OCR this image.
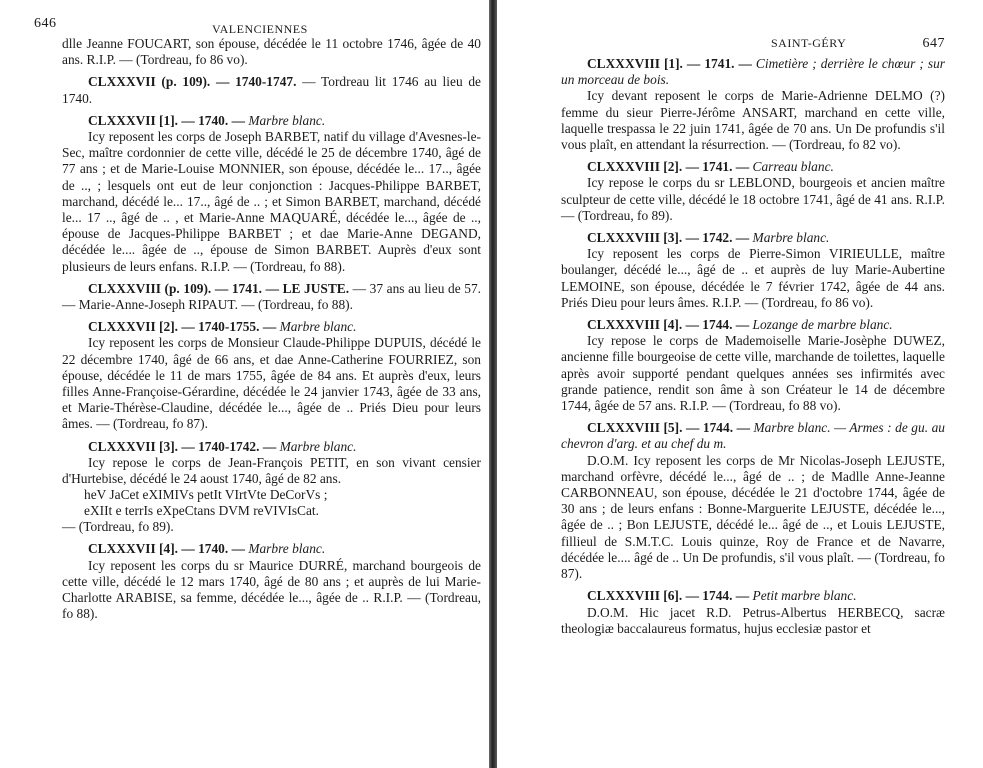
646	VALENCIENNES

dlle Jeanne FOUCART, son épouse, décédée le 11 octobre 1746, âgée de 40 ans. R.I.P. — (Tordreau, fo 86 vo).

CLXXXVII (p. 109). — 1740-1747. — Tordreau lit 1746 au lieu de 1740.

CLXXXVII [1]. — 1740. — Marbre blanc.

Icy reposent les corps de Joseph BARBET, natif du village d'Avesnes-le-Sec, maître cordonnier de cette ville, décédé le 25 de décembre 1740, âgé de 77 ans ; et de Marie-Louise MONNIER, son épouse, décédée le... 17.., âgée de .., ; lesquels ont eut de leur conjonction : Jacques-Philippe BARBET, marchand, décédé le... 17.., âgé de .. ; et Simon BARBET, marchand, décédé le... 17 .., âgé de .. , et Marie-Anne MAQUARÉ, décédée le..., âgée de .., épouse de Jacques-Philippe BARBET ; et dae Marie-Anne DEGAND, décédée le.... âgée de .., épouse de Simon BARBET. Auprès d'eux sont plusieurs de leurs enfans. R.I.P. — (Tordreau, fo 88).

CLXXXVIII (p. 109). — 1741. — LE JUSTE. — 37 ans au lieu de 57. — Marie-Anne-Joseph RIPAUT. — (Tordreau, fo 88).

CLXXXVII [2]. — 1740-1755. — Marbre blanc.

Icy reposent les corps de Monsieur Claude-Philippe DUPUIS, décédé le 22 décembre 1740, âgé de 66 ans, et dae Anne-Catherine FOURRIEZ, son épouse, décédée le 11 de mars 1755, âgée de 84 ans. Et auprès d'eux, leurs filles Anne-Françoise-Gérardine, décédée le 24 janvier 1743, âgée de 33 ans, et Marie-Thérèse-Claudine, décédée le..., âgée de .. Priés Dieu pour leurs âmes. — (Tordreau, fo 87).

CLXXXVII [3]. — 1740-1742. — Marbre blanc.

Icy repose le corps de Jean-François PETIT, en son vivant censier d'Hurtebise, décédé le 24 aoust 1740, âgé de 82 ans.

heV JaCet eXIMIVs petIt VIrtVte DeCorVs ;
eXIIt e terrIs eXpeCtans DVM reVIVIsCat.

— (Tordreau, fo 89).

CLXXXVII [4]. — 1740. — Marbre blanc.

Icy reposent les corps du sr Maurice DURRÉ, marchand bourgeois de cette ville, décédé le 12 mars 1740, âgé de 80 ans ; et auprès de lui Marie-Charlotte ARABISE, sa femme, décédée le..., âgée de .. R.I.P. — (Tordreau, fo 88).

SAINT-GÉRY	647

CLXXXVIII [1]. — 1741. — Cimetière ; derrière le chœur ; sur un morceau de bois.

Icy devant reposent le corps de Marie-Adrienne DELMO (?) femme du sieur Pierre-Jérôme ANSART, marchand en cette ville, laquelle trespassa le 22 juin 1741, âgée de 70 ans. Un De profundis s'il vous plaît, en attendant la résurrection. — (Tordreau, fo 82 vo).

CLXXXVIII [2]. — 1741. — Carreau blanc.

Icy repose le corps du sr LEBLOND, bourgeois et ancien maître sculpteur de cette ville, décédé le 18 octobre 1741, âgé de 41 ans. R.I.P. — (Tordreau, fo 89).

CLXXXVIII [3]. — 1742. — Marbre blanc.

Icy reposent les corps de Pierre-Simon VIRIEULLE, maître boulanger, décédé le..., âgé de .. et auprès de luy Marie-Aubertine LEMOINE, son épouse, décédée le 7 février 1742, âgée de 44 ans. Priés Dieu pour leurs âmes. R.I.P. — (Tordreau, fo 86 vo).

CLXXXVIII [4]. — 1744. — Lozange de marbre blanc.

Icy repose le corps de Mademoiselle Marie-Josèphe DUWEZ, ancienne fille bourgeoise de cette ville, marchande de toilettes, laquelle après avoir supporté pendant quelques années ses infirmités avec grande patience, rendit son âme à son Créateur le 14 de décembre 1744, âgée de 57 ans. R.I.P. — (Tordreau, fo 88 vo).

CLXXXVIII [5]. — 1744. — Marbre blanc. — Armes : de gu. au chevron d'arg. et au chef du m.

D.O.M. Icy reposent les corps de Mr Nicolas-Joseph LEJUSTE, marchand orfèvre, décédé le..., âgé de .. ; de Madlle Anne-Jeanne CARBONNEAU, son épouse, décédée le 21 d'octobre 1744, âgée de 30 ans ; de leurs enfans : Bonne-Marguerite LEJUSTE, décédée le..., âgée de .. ; Bon LEJUSTE, décédé le... âgé de .., et Louis LEJUSTE, fillieul de S.M.T.C. Louis quinze, Roy de France et de Navarre, décédée le.... âgé de .. Un De profundis, s'il vous plaît. — (Tordreau, fo 87).

CLXXXVIII [6]. — 1744. — Petit marbre blanc.

D.O.M. Hic jacet R.D. Petrus-Albertus HERBECQ, sacræ theologiæ baccalaureus formatus, hujus ecclesiæ pastor et
